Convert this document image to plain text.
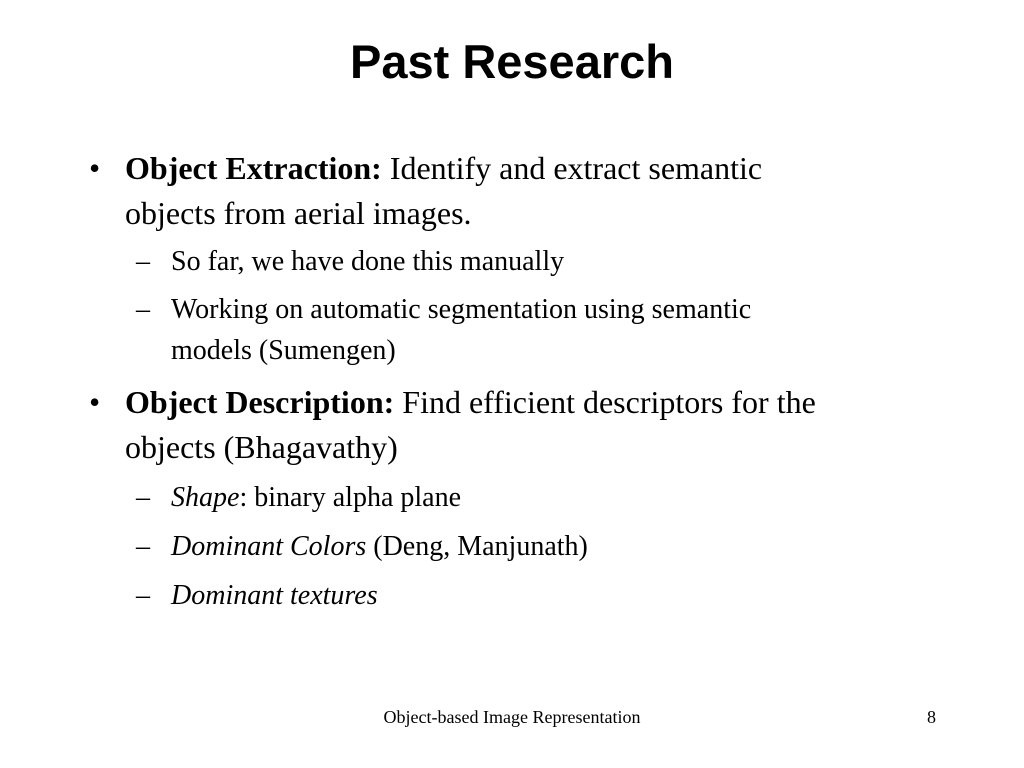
Past Research
• Object Extraction: Identify and extract semantic
objects from aerial images.
– So far, we have done this manually
– Working on automatic segmentation using semantic
models (Sumengen)
• Object Description: Find efficient descriptors for the
objects (Bhagavathy)
– Shape: binary alpha plane
– Dominant Colors (Deng, Manjunath)
– Dominant textures
Object-based Image Representation	8
